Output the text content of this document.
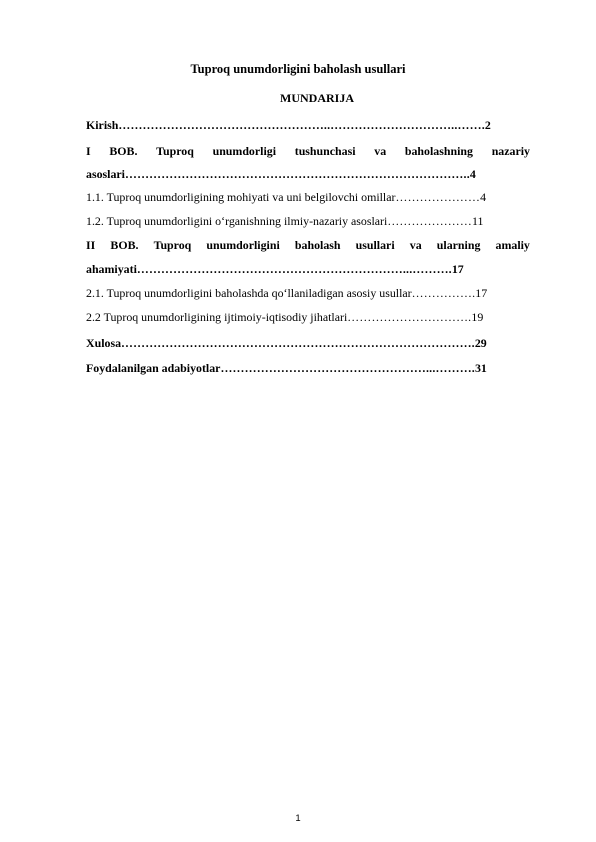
Tuproq unumdorligini baholash usullari
MUNDARIJA
Kirish……………………………………………..…………………………..…….2
I BOB. Tuproq unumdorligi tushunchasi va baholashning nazariy
asoslari…………………………………………………………………………..4
1.1. Tuproq unumdorligining mohiyati va uni belgilovchi omillar…………………4
1.2. Tuproq unumdorligini o‘rganishning ilmiy-nazariy asoslari…………………11
II BOB. Tuproq unumdorligini baholash usullari va ularning amaliy
ahamiyati…………………………………………………………...……….17
2.1. Tuproq unumdorligini baholashda qo‘llaniladigan asosiy usullar…………….17
2.2 Tuproq unumdorligining ijtimoiy-iqtisodiy jihatlari………………………….19
Xulosa…………………………………………………………………………….29
Foydalanilgan adabiyotlar……………………………………………...……….31
1
